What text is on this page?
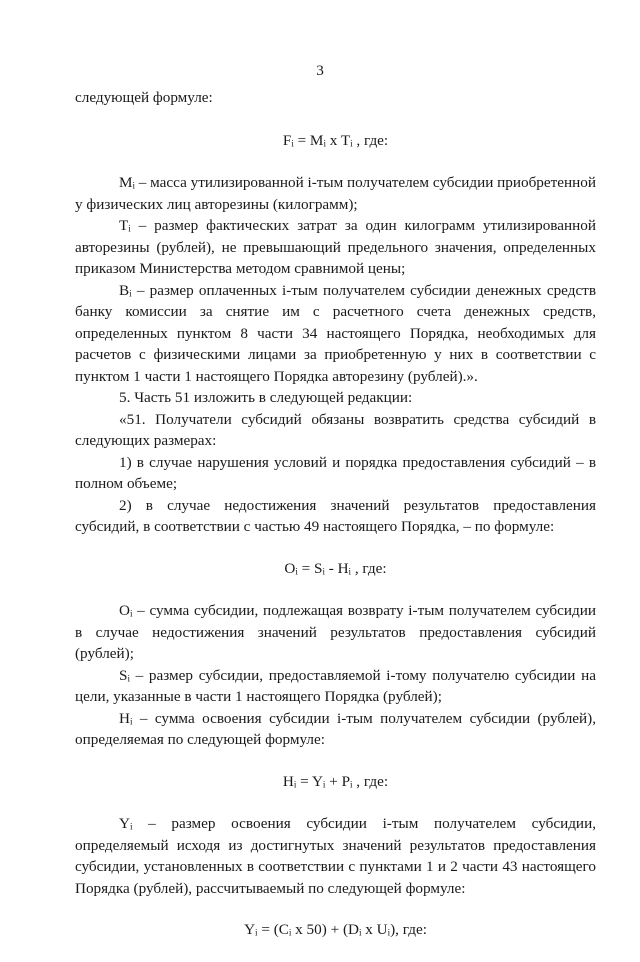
3

следующей формуле:

Fᵢ = Mᵢ x Tᵢ , где:

Mᵢ – масса утилизированной i-тым получателем субсидии приобретенной у физических лиц авторезины (килограмм);

Tᵢ – размер фактических затрат за один килограмм утилизированной авторезины (рублей), не превышающий предельного значения, определенных приказом Министерства методом сравнимой цены;

Bᵢ – размер оплаченных i-тым получателем субсидии денежных средств банку комиссии за снятие им с расчетного счета денежных средств, определенных пунктом 8 части 34 настоящего Порядка, необходимых для расчетов с физическими лицами за приобретенную у них в соответствии с пунктом 1 части 1 настоящего Порядка авторезину (рублей).».

5. Часть 51 изложить в следующей редакции:

«51. Получатели субсидий обязаны возвратить средства субсидий в следующих размерах:

1) в случае нарушения условий и порядка предоставления субсидий – в полном объеме;

2) в случае недостижения значений результатов предоставления субсидий, в соответствии с частью 49 настоящего Порядка, – по формуле:

Oᵢ = Sᵢ - Hᵢ , где:

Oᵢ – сумма субсидии, подлежащая возврату i-тым получателем субсидии в случае недостижения значений результатов предоставления субсидий (рублей);

Sᵢ – размер субсидии, предоставляемой i-тому получателю субсидии на цели, указанные в части 1 настоящего Порядка (рублей);

Hᵢ – сумма освоения субсидии i-тым получателем субсидии (рублей), определяемая по следующей формуле:

Hᵢ = Yᵢ + Pᵢ , где:

Yᵢ – размер освоения субсидии i-тым получателем субсидии, определяемый исходя из достигнутых значений результатов предоставления субсидии, установленных в соответствии с пунктами 1 и 2 части 43 настоящего Порядка (рублей), рассчитываемый по следующей формуле:

Yᵢ = (Cᵢ x 50) + (Dᵢ x Uᵢ), где:
